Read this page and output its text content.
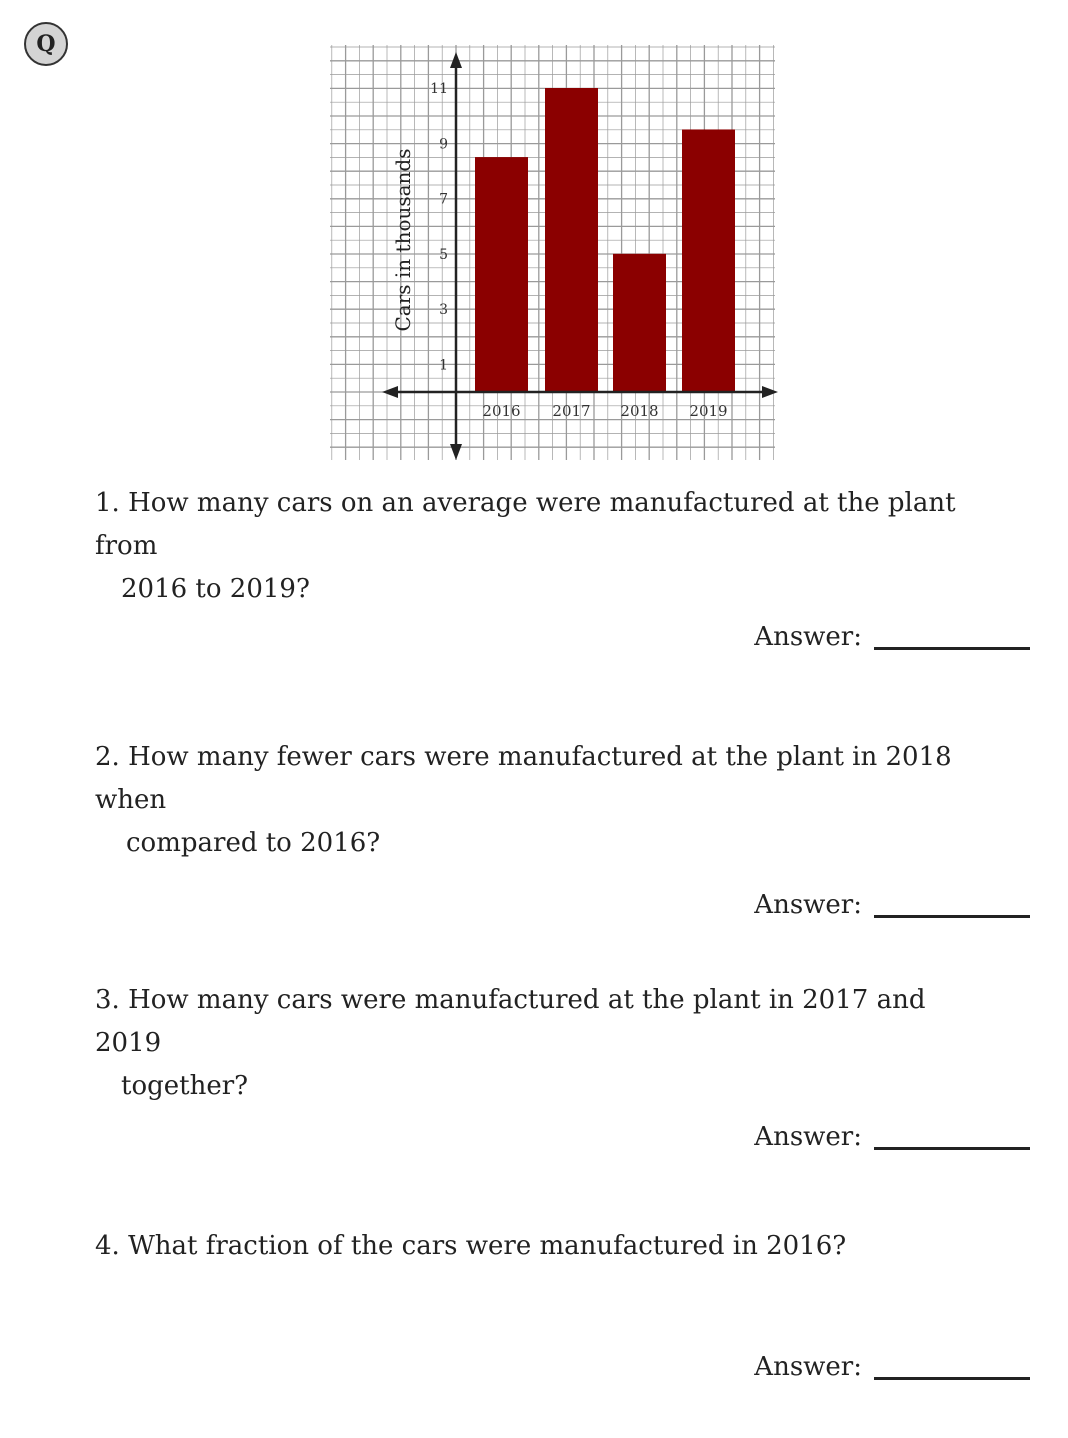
Q
2016 2017 2018 2019
1
3
5
7
9
11
Cars in thousands

1. How many cars on an average were manufactured at the plant from
2016 to 2019?

Answer:

2. How many fewer cars were manufactured at the plant in 2018 when
compared to 2016?

Answer:

3. How many cars were manufactured at the plant in 2017 and 2019
together?

Answer:

4. What fraction of the cars were manufactured in 2016?

Answer:
